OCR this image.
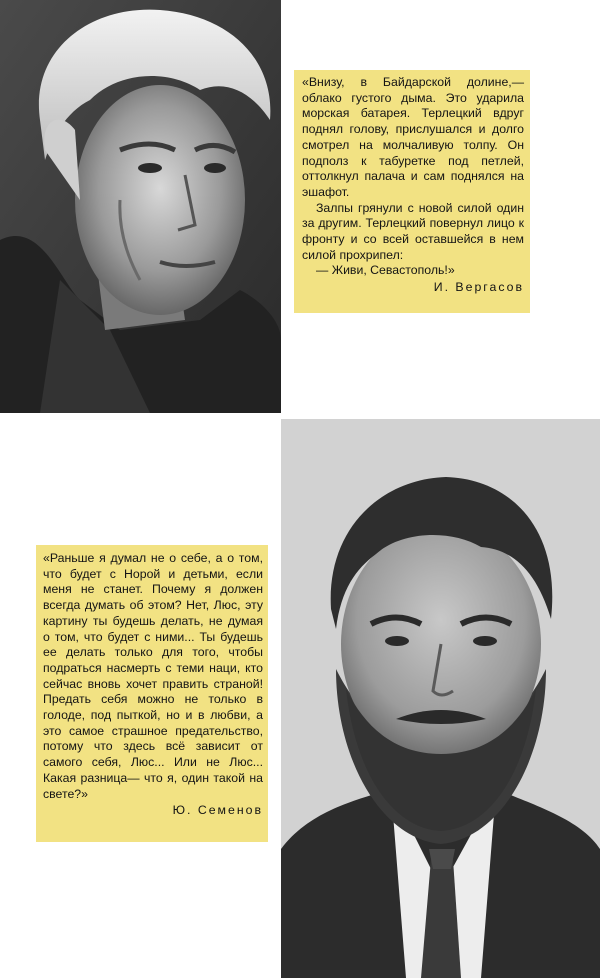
«Внизу, в Байдарской долине,—облако густого дыма. Это ударила морская батарея. Терлецкий вдруг поднял голову, прислушался и долго смотрел на молчаливую толпу. Он подполз к табуретке под петлей, оттолкнул палача и сам поднялся на эшафот.

Залпы грянули с новой силой один за другим. Терлецкий повернул лицо к фронту и со всей оставшейся в нем силой прохрипел:

— Живи, Севастополь!»

И. Вергасов

«Раньше я думал не о себе, а о том, что будет с Норой и детьми, если меня не станет. Почему я должен всегда думать об этом? Нет, Люс, эту картину ты будешь делать, не думая о том, что будет с ними... Ты будешь ее делать только для того, чтобы подраться насмерть с теми наци, кто сейчас вновь хочет править страной! Предать себя можно не только в голоде, под пыткой, но и в любви, а это самое страшное предательство, потому что здесь всё зависит от самого себя, Люс... Или не Люс... Какая разница— что я, один такой на свете?»

Ю. Семенов
